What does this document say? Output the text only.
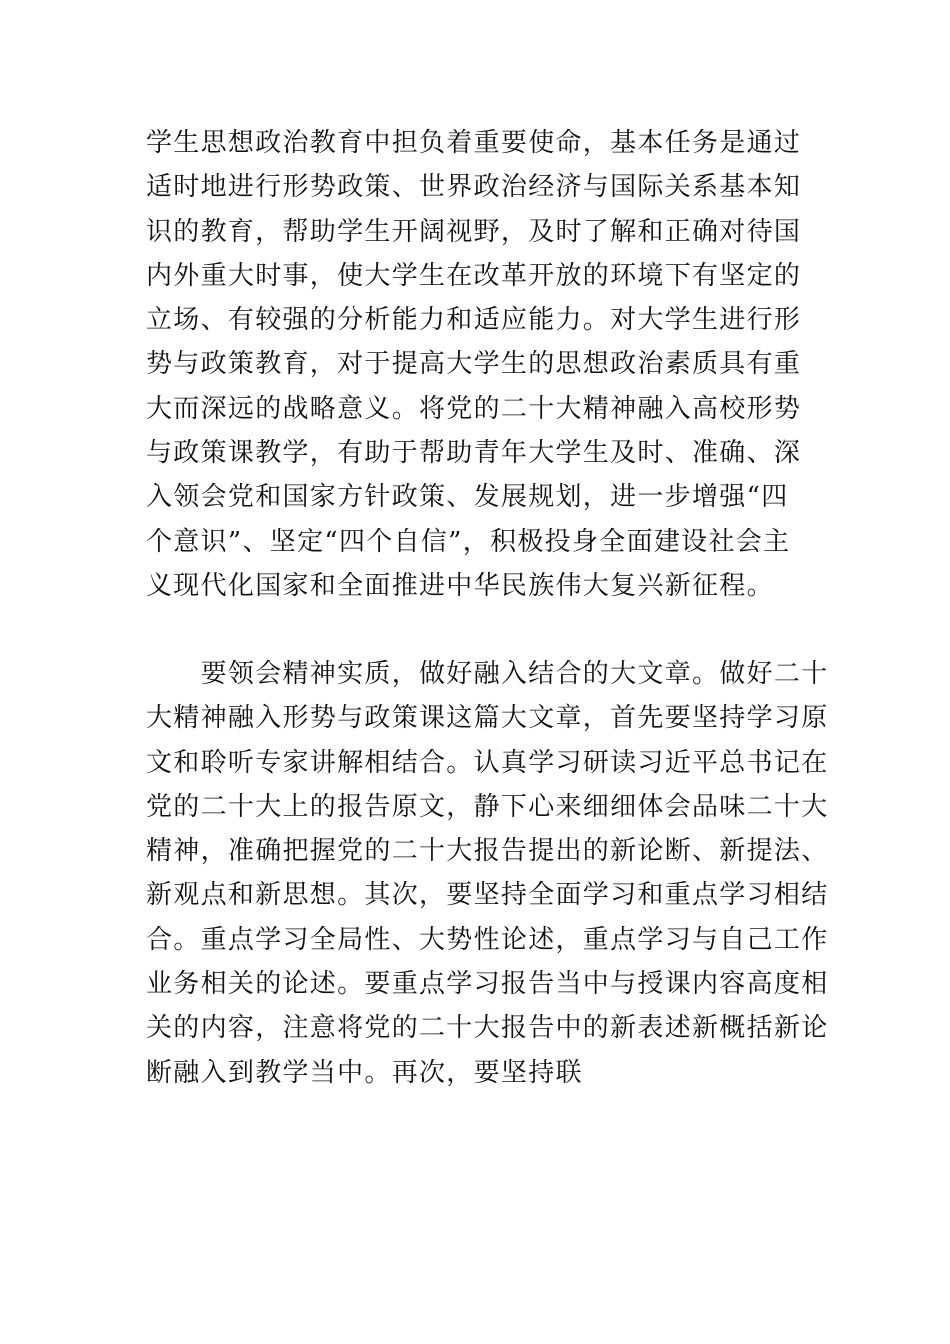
学生思想政治教育中担负着重要使命，基本任务是通过
适时地进行形势政策、世界政治经济与国际关系基本知
识的教育，帮助学生开阔视野，及时了解和正确对待国
内外重大时事，使大学生在改革开放的环境下有坚定的
立场、有较强的分析能力和适应能力。对大学生进行形
势与政策教育，对于提高大学生的思想政治素质具有重
大而深远的战略意义。将党的二十大精神融入高校形势
与政策课教学，有助于帮助青年大学生及时、准确、深
入领会党和国家方针政策、发展规划，进一步增强“四
个意识”、坚定“四个自信”，积极投身全面建设社会主
义现代化国家和全面推进中华民族伟大复兴新征程。
　　要领会精神实质，做好融入结合的大文章。做好二十
大精神融入形势与政策课这篇大文章，首先要坚持学习原
文和聆听专家讲解相结合。认真学习研读习近平总书记在
党的二十大上的报告原文，静下心来细细体会品味二十大
精神，准确把握党的二十大报告提出的新论断、新提法、
新观点和新思想。其次，要坚持全面学习和重点学习相结
合。重点学习全局性、大势性论述，重点学习与自己工作
业务相关的论述。要重点学习报告当中与授课内容高度相
关的内容，注意将党的二十大报告中的新表述新概括新论
断融入到教学当中。再次，要坚持联
